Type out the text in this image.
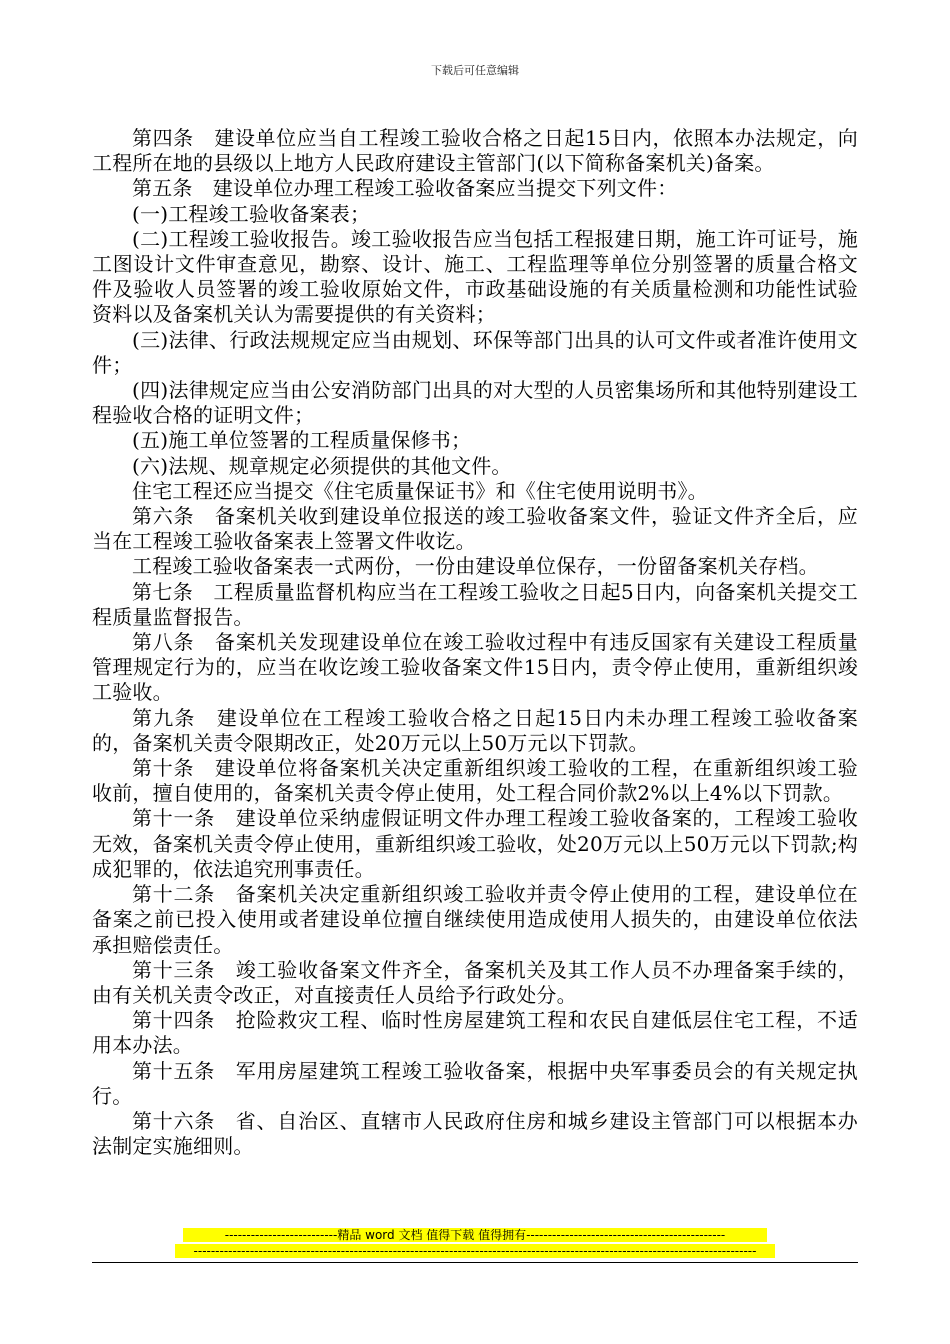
下载后可任意编辑

第四条　建设单位应当自工程竣工验收合格之日起15日内，依照本办法规定，向工程所在地的县级以上地方人民政府建设主管部门(以下简称备案机关)备案。

第五条　建设单位办理工程竣工验收备案应当提交下列文件：

(一)工程竣工验收备案表；

(二)工程竣工验收报告。竣工验收报告应当包括工程报建日期，施工许可证号，施工图设计文件审查意见，勘察、设计、施工、工程监理等单位分别签署的质量合格文件及验收人员签署的竣工验收原始文件，市政基础设施的有关质量检测和功能性试验资料以及备案机关认为需要提供的有关资料；

(三)法律、行政法规规定应当由规划、环保等部门出具的认可文件或者准许使用文件；

(四)法律规定应当由公安消防部门出具的对大型的人员密集场所和其他特别建设工程验收合格的证明文件；

(五)施工单位签署的工程质量保修书；

(六)法规、规章规定必须提供的其他文件。

住宅工程还应当提交《住宅质量保证书》和《住宅使用说明书》。

第六条　备案机关收到建设单位报送的竣工验收备案文件，验证文件齐全后，应当在工程竣工验收备案表上签署文件收讫。

工程竣工验收备案表一式两份，一份由建设单位保存，一份留备案机关存档。

第七条　工程质量监督机构应当在工程竣工验收之日起5日内，向备案机关提交工程质量监督报告。

第八条　备案机关发现建设单位在竣工验收过程中有违反国家有关建设工程质量管理规定行为的，应当在收讫竣工验收备案文件15日内，责令停止使用，重新组织竣工验收。

第九条　建设单位在工程竣工验收合格之日起15日内未办理工程竣工验收备案的，备案机关责令限期改正，处20万元以上50万元以下罚款。

第十条　建设单位将备案机关决定重新组织竣工验收的工程，在重新组织竣工验收前，擅自使用的，备案机关责令停止使用，处工程合同价款2%以上4%以下罚款。

第十一条　建设单位采纳虚假证明文件办理工程竣工验收备案的，工程竣工验收无效，备案机关责令停止使用，重新组织竣工验收，处20万元以上50万元以下罚款;构成犯罪的，依法追究刑事责任。

第十二条　备案机关决定重新组织竣工验收并责令停止使用的工程，建设单位在备案之前已投入使用或者建设单位擅自继续使用造成使用人损失的，由建设单位依法承担赔偿责任。

第十三条　竣工验收备案文件齐全，备案机关及其工作人员不办理备案手续的，由有关机关责令改正，对直接责任人员给予行政处分。

第十四条　抢险救灾工程、临时性房屋建筑工程和农民自建低层住宅工程，不适用本办法。

第十五条　军用房屋建筑工程竣工验收备案，根据中央军事委员会的有关规定执行。

第十六条　省、自治区、直辖市人民政府住房和城乡建设主管部门可以根据本办法制定实施细则。

--------------------------精品 word 文档 值得下载 值得拥有----------------------------------------------
----------------------------------------------------------------------------------------------------------------------------------
